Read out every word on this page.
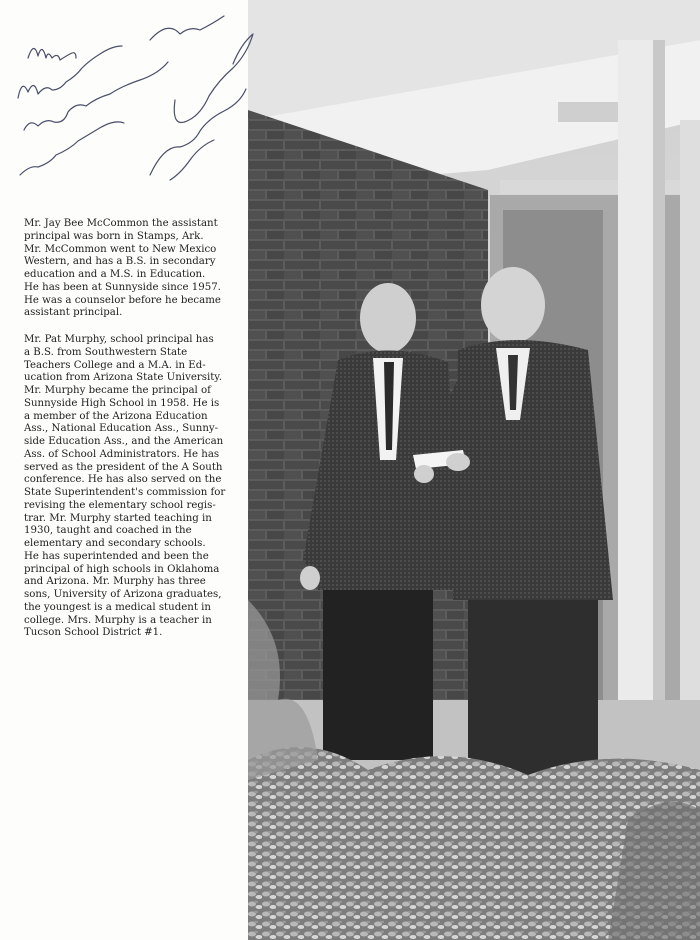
Mr. Jay Bee McCommon the assistant
principal was born in Stamps, Ark.
Mr. McCommon went to New Mexico
Western, and has a B.S. in secondary
education and a M.S. in Education.
He has been at Sunnyside since 1957.
He was a counselor before he became
assistant principal.

Mr. Pat Murphy, school principal has
a B.S. from Southwestern State
Teachers College and a M.A. in Ed-
ucation from Arizona State University.
Mr. Murphy became the principal of
Sunnyside High School in 1958. He is
a member of the Arizona Education
Ass., National Education Ass., Sunny-
side Education Ass., and the American
Ass. of School Administrators. He has
served as the president of the A South
conference. He has also served on the
State Superintendent's commission for
revising the elementary school regis-
trar. Mr. Murphy started teaching in
1930, taught and coached in the
elementary and secondary schools.
He has superintended and been the
principal of high schools in Oklahoma
and Arizona. Mr. Murphy has three
sons, University of Arizona graduates,
the youngest is a medical student in
college. Mrs. Murphy is a teacher in
Tucson School District #1.
